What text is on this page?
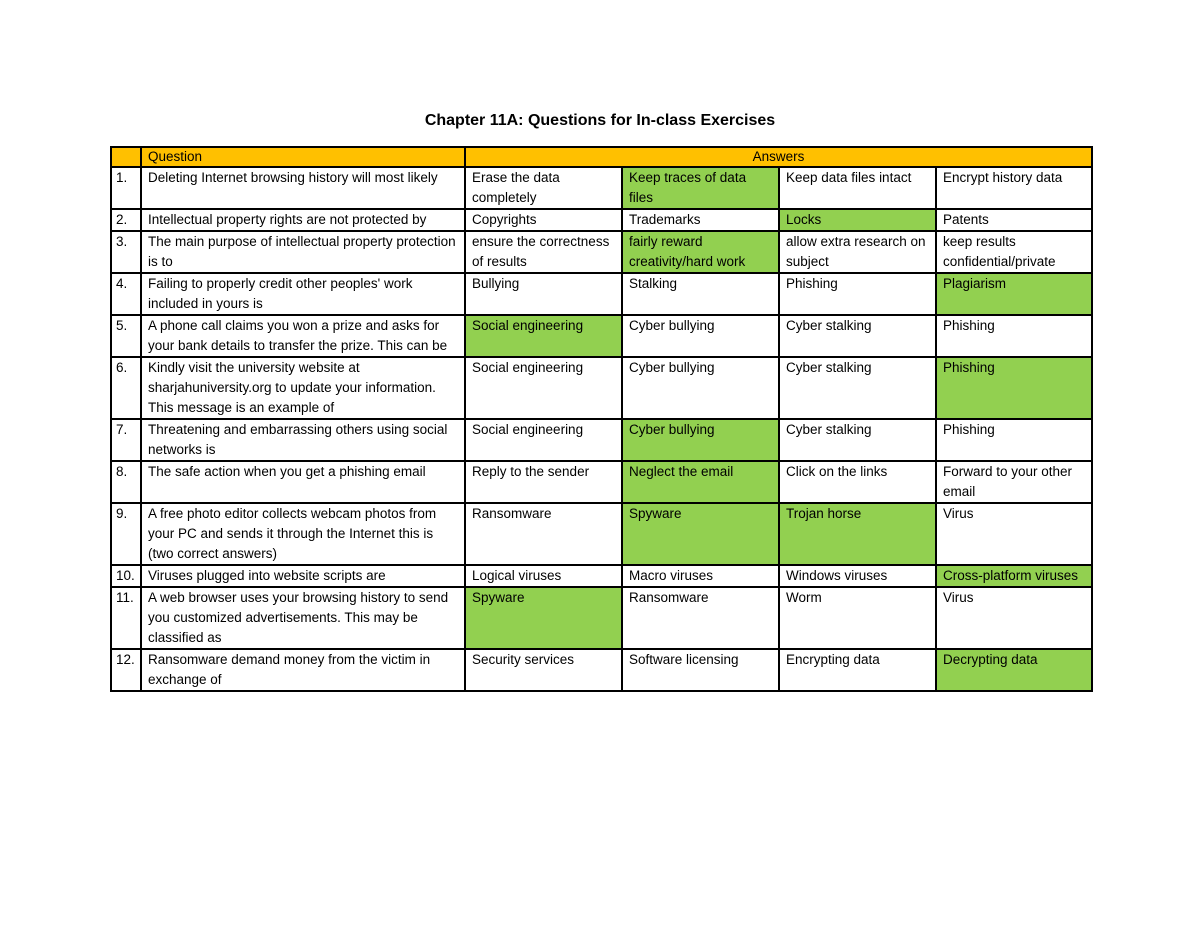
Chapter 11A: Questions for In-class Exercises
	Question	Answers			
1.	Deleting Internet browsing history will most likely	Erase the data completely	Keep traces of data files	Keep data files intact	Encrypt history data
2.	Intellectual property rights are not protected by	Copyrights	Trademarks	Locks	Patents
3.	The main purpose of intellectual property protection is to	ensure the correctness of results	fairly reward creativity/hard work	allow extra research on subject	keep results confidential/private
4.	Failing to properly credit other peoples' work included in yours is	Bullying	Stalking	Phishing	Plagiarism
5.	A phone call claims you won a prize and asks for your bank details to transfer the prize. This can be	Social engineering	Cyber bullying	Cyber stalking	Phishing
6.	Kindly visit the university website at sharjahuniversity.org to update your information. This message is an example of	Social engineering	Cyber bullying	Cyber stalking	Phishing
7.	Threatening and embarrassing others using social networks is	Social engineering	Cyber bullying	Cyber stalking	Phishing
8.	The safe action when you get a phishing email	Reply to the sender	Neglect the email	Click on the links	Forward to your other email
9.	A free photo editor collects webcam photos from your PC and sends it through the Internet this is (two correct answers)	Ransomware	Spyware	Trojan horse	Virus
10.	Viruses plugged into website scripts are	Logical viruses	Macro viruses	Windows viruses	Cross-platform viruses
11.	A web browser uses your browsing history to send you customized advertisements. This may be classified as	Spyware	Ransomware	Worm	Virus
12.	Ransomware demand money from the victim in exchange of	Security services	Software licensing	Encrypting data	Decrypting data
